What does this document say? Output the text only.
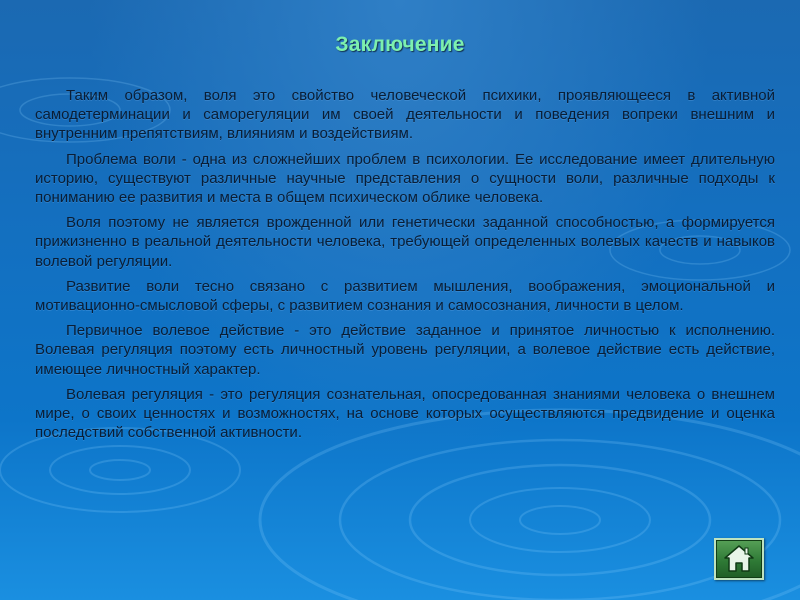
Заключение

Таким образом, воля это свойство человеческой психики, проявляющееся в активной самодетерминации и саморегуляции им своей деятельности и поведения вопреки внешним и внутренним препятствиям, влияниям и воздействиям.

Проблема воли - одна из сложнейших проблем в психологии. Ее исследование имеет длительную историю, существуют различные научные представления о сущности воли, различные подходы к пониманию ее развития и места в общем психическом облике человека.

Воля поэтому не является врожденной или генетически заданной способностью, а формируется прижизненно в реальной деятельности человека, требующей определенных волевых качеств и навыков волевой регуляции.

Развитие воли тесно связано с развитием мышления, воображения, эмоциональной и мотивационно-смысловой сферы, с развитием сознания и самосознания, личности в целом.

Первичное волевое действие - это действие заданное и принятое личностью к исполнению. Волевая регуляция поэтому есть личностный уровень регуляции, а волевое действие есть действие, имеющее личностный характер.

Волевая регуляция - это регуляция сознательная, опосредованная знаниями человека о внешнем мире, о своих ценностях и возможностях, на основе которых осуществляются предвидение и оценка последствий собственной активности.
